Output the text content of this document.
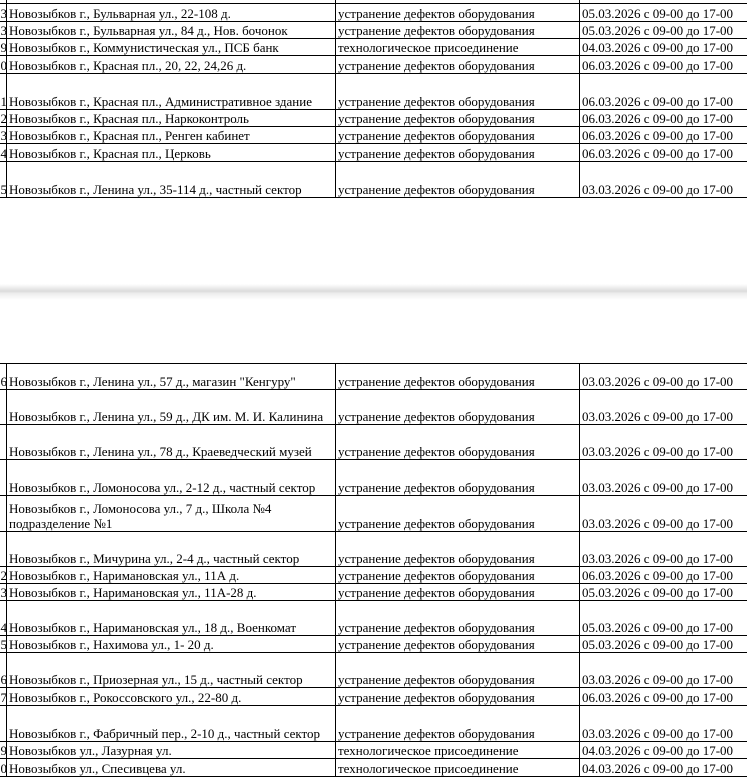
3 Новозыбков г., Бульварная ул., 22-108 д.	устранение дефектов оборудования	05.03.2026 с 09-00 до 17-00
3 Новозыбков г., Бульварная ул., 84 д., Нов. бочонок	устранение дефектов оборудования	05.03.2026 с 09-00 до 17-00
9 Новозыбков г., Коммунистическая ул., ПСБ банк	технологическое присоединение	04.03.2026 с 09-00 до 17-00
0 Новозыбков г., Красная пл., 20, 22, 24,26 д.	устранение дефектов оборудования	06.03.2026 с 09-00 до 17-00
1 Новозыбков г., Красная пл., Административное здание	устранение дефектов оборудования	06.03.2026 с 09-00 до 17-00
2 Новозыбков г., Красная пл., Наркоконтроль	устранение дефектов оборудования	06.03.2026 с 09-00 до 17-00
3 Новозыбков г., Красная пл., Ренген кабинет	устранение дефектов оборудования	06.03.2026 с 09-00 до 17-00
4 Новозыбков г., Красная пл., Церковь	устранение дефектов оборудования	06.03.2026 с 09-00 до 17-00
5 Новозыбков г., Ленина ул., 35-114 д., частный сектор	устранение дефектов оборудования	03.03.2026 с 09-00 до 17-00
6 Новозыбков г., Ленина ул., 57 д., магазин "Кенгуру"	устранение дефектов оборудования	03.03.2026 с 09-00 до 17-00
Новозыбков г., Ленина ул., 59 д., ДК им. М. И. Калинина	устранение дефектов оборудования	03.03.2026 с 09-00 до 17-00
Новозыбков г., Ленина ул., 78 д., Краеведческий музей	устранение дефектов оборудования	03.03.2026 с 09-00 до 17-00
Новозыбков г., Ломоносова ул., 2-12 д., частный сектор	устранение дефектов оборудования	03.03.2026 с 09-00 до 17-00
Новозыбков г., Ломоносова ул., 7 д., Школа №4 подразделение №1	устранение дефектов оборудования	03.03.2026 с 09-00 до 17-00
Новозыбков г., Мичурина ул., 2-4 д., частный сектор	устранение дефектов оборудования	03.03.2026 с 09-00 до 17-00
2 Новозыбков г., Наримановская ул., 11А д.	устранение дефектов оборудования	06.03.2026 с 09-00 до 17-00
3 Новозыбков г., Наримановская ул., 11А-28 д.	устранение дефектов оборудования	05.03.2026 с 09-00 до 17-00
4 Новозыбков г., Наримановская ул., 18 д., Военкомат	устранение дефектов оборудования	05.03.2026 с 09-00 до 17-00
5 Новозыбков г., Нахимова ул., 1- 20 д.	устранение дефектов оборудования	05.03.2026 с 09-00 до 17-00
6 Новозыбков г., Приозерная ул., 15 д., частный сектор	устранение дефектов оборудования	03.03.2026 с 09-00 до 17-00
7 Новозыбков г., Рокоссовского ул., 22-80 д.	устранение дефектов оборудования	06.03.2026 с 09-00 до 17-00
Новозыбков г., Фабричный пер., 2-10 д., частный сектор	устранение дефектов оборудования	03.03.2026 с 09-00 до 17-00
9 Новозыбков ул., Лазурная ул.	технологическое присоединение	04.03.2026 с 09-00 до 17-00
0 Новозыбков ул., Спесивцева ул.	технологическое присоединение	04.03.2026 с 09-00 до 17-00
